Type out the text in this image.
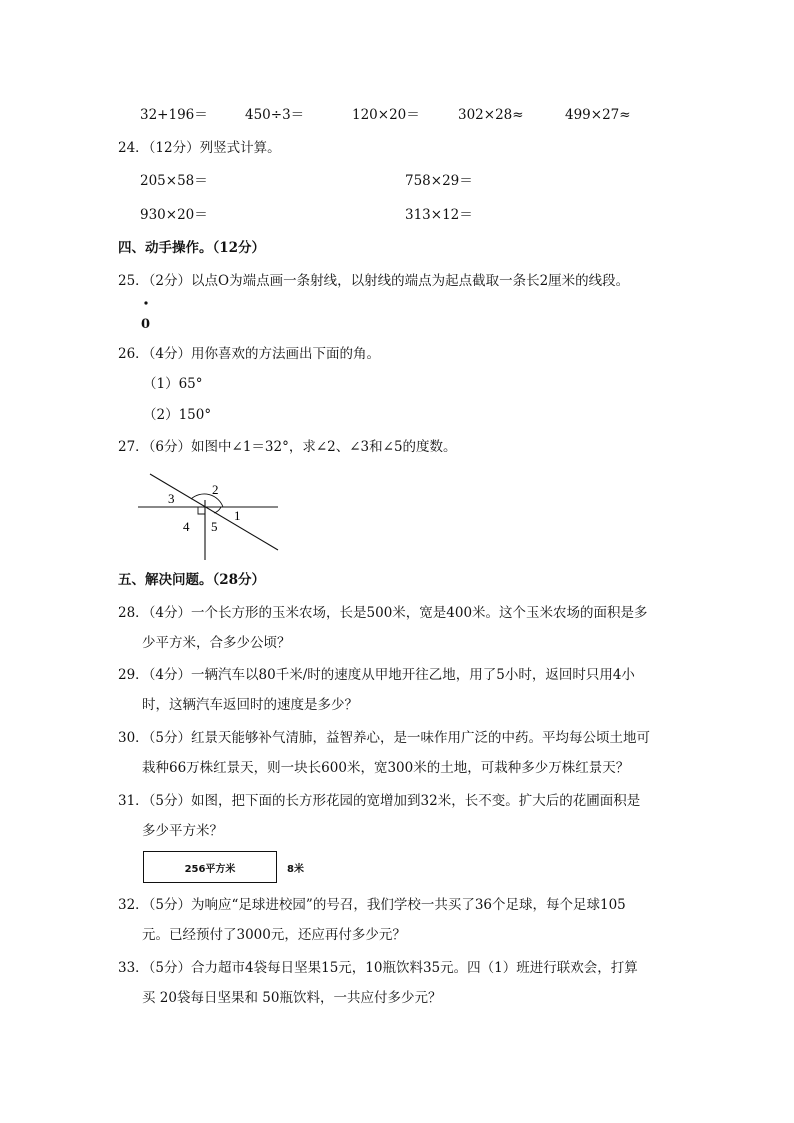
32+196＝	450÷3＝	120×20＝	302×28≈	499×27≈
24．（12分）列竖式计算。
205×58＝	758×29＝
930×20＝	313×12＝
四、动手操作。（12分）
25．（2分）以点O为端点画一条射线，以射线的端点为起点截取一条长2厘米的线段。
0
26．（4分）用你喜欢的方法画出下面的角。
（1）65°
（2）150°
27．（6分）如图中∠1＝32°，求∠2、∠3和∠5的度数。
1
2
3
4 5
五、解决问题。（28分）
28．（4分）一个长方形的玉米农场，长是500米，宽是400米。这个玉米农场的面积是多
少平方米，合多少公顷？
29．（4分）一辆汽车以80千米/时的速度从甲地开往乙地，用了5小时，返回时只用4小
时，这辆汽车返回时的速度是多少？
30．（5分）红景天能够补气清肺，益智养心，是一味作用广泛的中药。平均每公顷土地可
栽种66万株红景天，则一块长600米，宽300米的土地，可栽种多少万株红景天？
31．（5分）如图，把下面的长方形花园的宽增加到32米，长不变。扩大后的花圃面积是
多少平方米？
256平方米	8米
32．（5分）为响应“足球进校园”的号召，我们学校一共买了36个足球，每个足球105
元。已经预付了3000元，还应再付多少元？
33．（5分）合力超市4袋每日坚果15元，10瓶饮料35元。四（1）班进行联欢会，打算
买 20袋每日坚果和 50瓶饮料，一共应付多少元？
